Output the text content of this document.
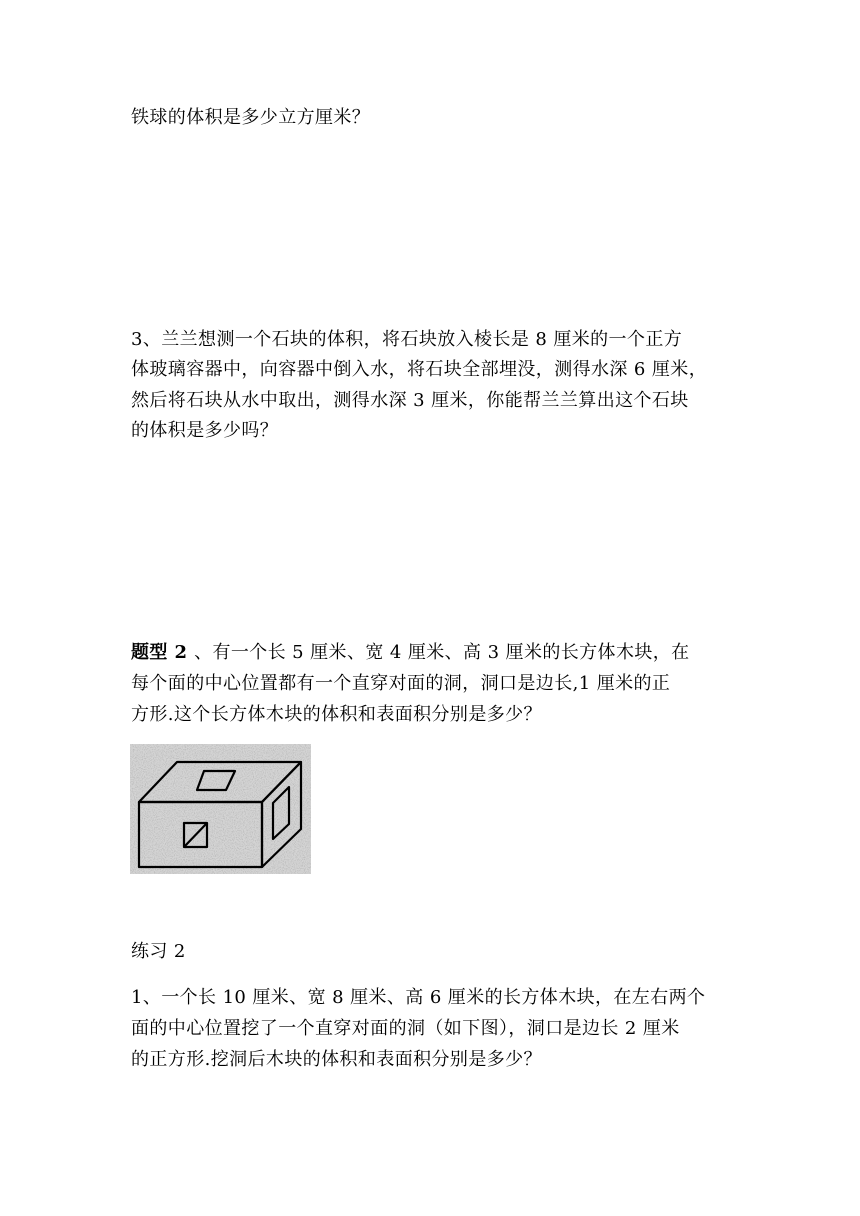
铁球的体积是多少立方厘米？
3、兰兰想测一个石块的体积，将石块放入棱长是 8 厘米的一个正方
体玻璃容器中，向容器中倒入水，将石块全部埋没，测得水深 6 厘米，
然后将石块从水中取出，测得水深 3 厘米，你能帮兰兰算出这个石块
的体积是多少吗？
题型 2 、有一个长 5 厘米、宽 4 厘米、高 3 厘米的长方体木块，在
每个面的中心位置都有一个直穿对面的洞，洞口是边长,1 厘米的正
方形.这个长方体木块的体积和表面积分别是多少？
练习 2
1、一个长 10 厘米、宽 8 厘米、高 6 厘米的长方体木块，在左右两个
面的中心位置挖了一个直穿对面的洞（如下图），洞口是边长 2 厘米
的正方形.挖洞后木块的体积和表面积分别是多少？
